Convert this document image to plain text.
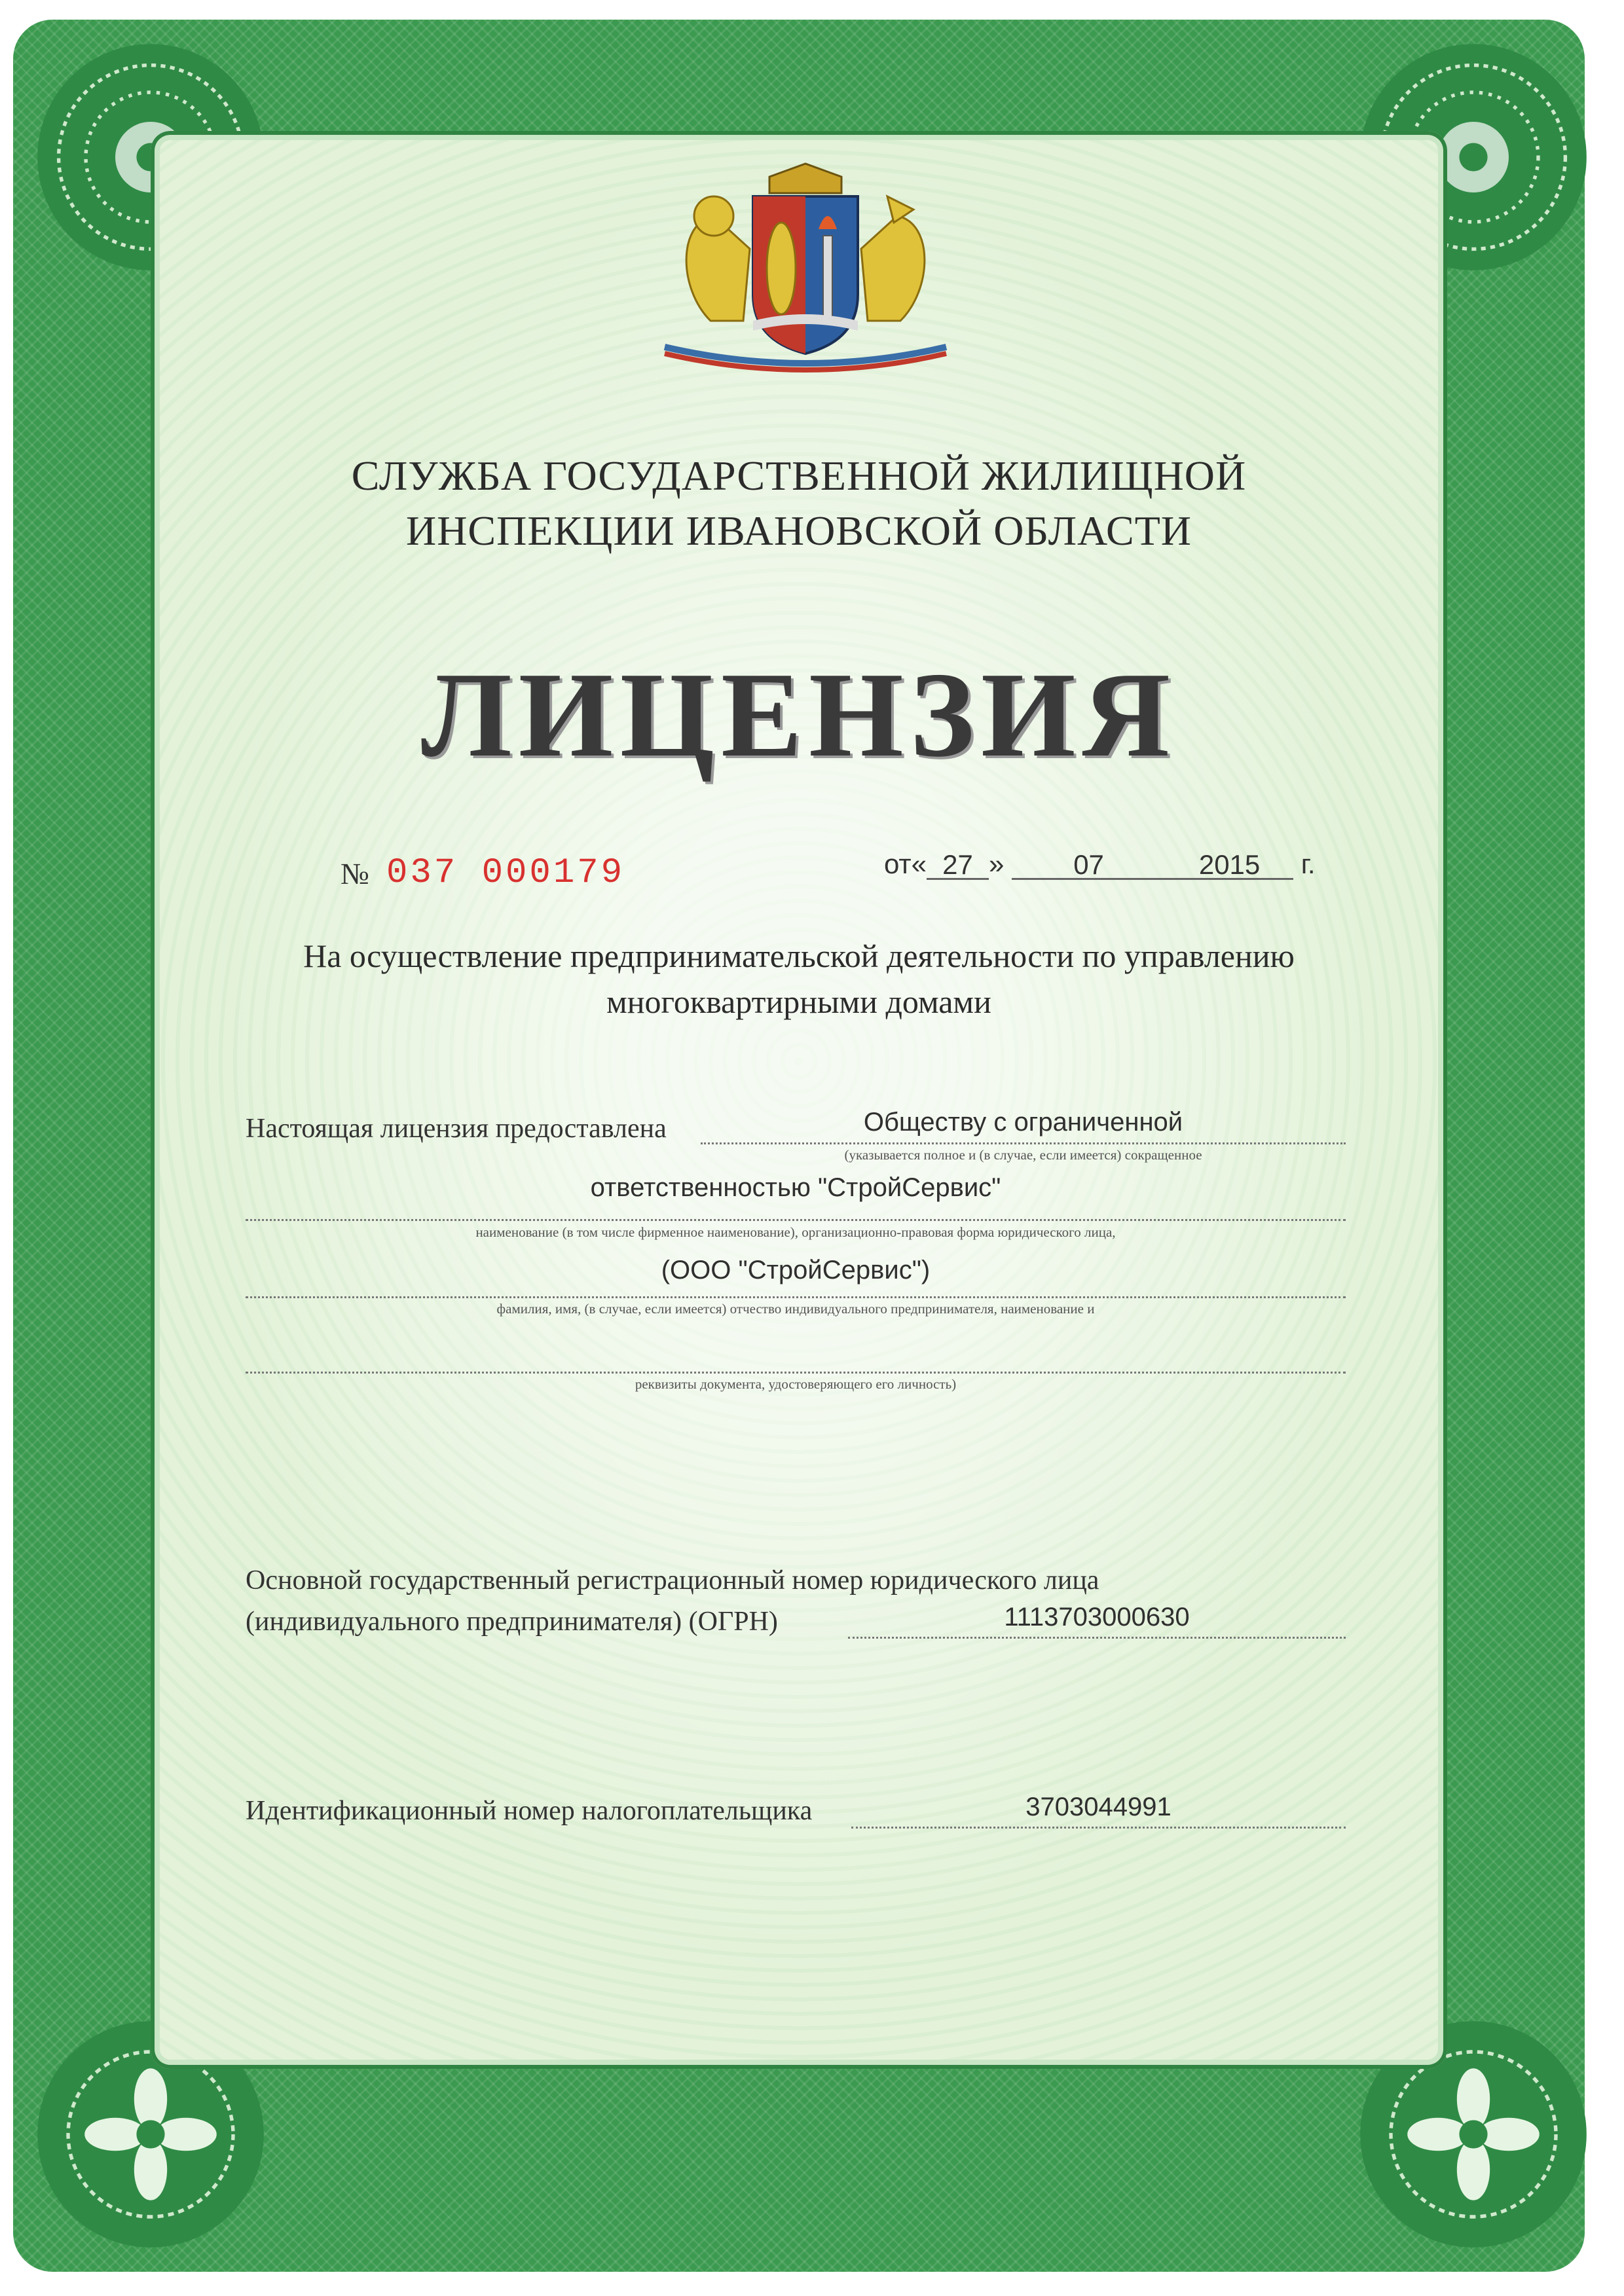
СЛУЖБА ГОСУДАРСТВЕННОЙ ЖИЛИЩНОЙ
ИНСПЕКЦИИ ИВАНОВСКОЙ ОБЛАСТИ
ЛИЦЕНЗИЯ
№ 037 000179	от« 27 »	07	2015 г.
На осуществление предпринимательской деятельности по управлению
многоквартирными домами
Настоящая лицензия предоставлена	Обществу с ограниченной
(указывается полное и (в случае, если имеется) сокращенное
ответственностью "СтройСервис"
наименование (в том числе фирменное наименование), организационно-правовая форма юридического лица,
(ООО "СтройСервис")
фамилия, имя, (в случае, если имеется) отчество индивидуального предпринимателя, наименование и
реквизиты документа, удостоверяющего его личность)
Основной государственный регистрационный номер юридического лица
(индивидуального предпринимателя) (ОГРН)	1113703000630
Идентификационный номер налогоплательщика	3703044991
